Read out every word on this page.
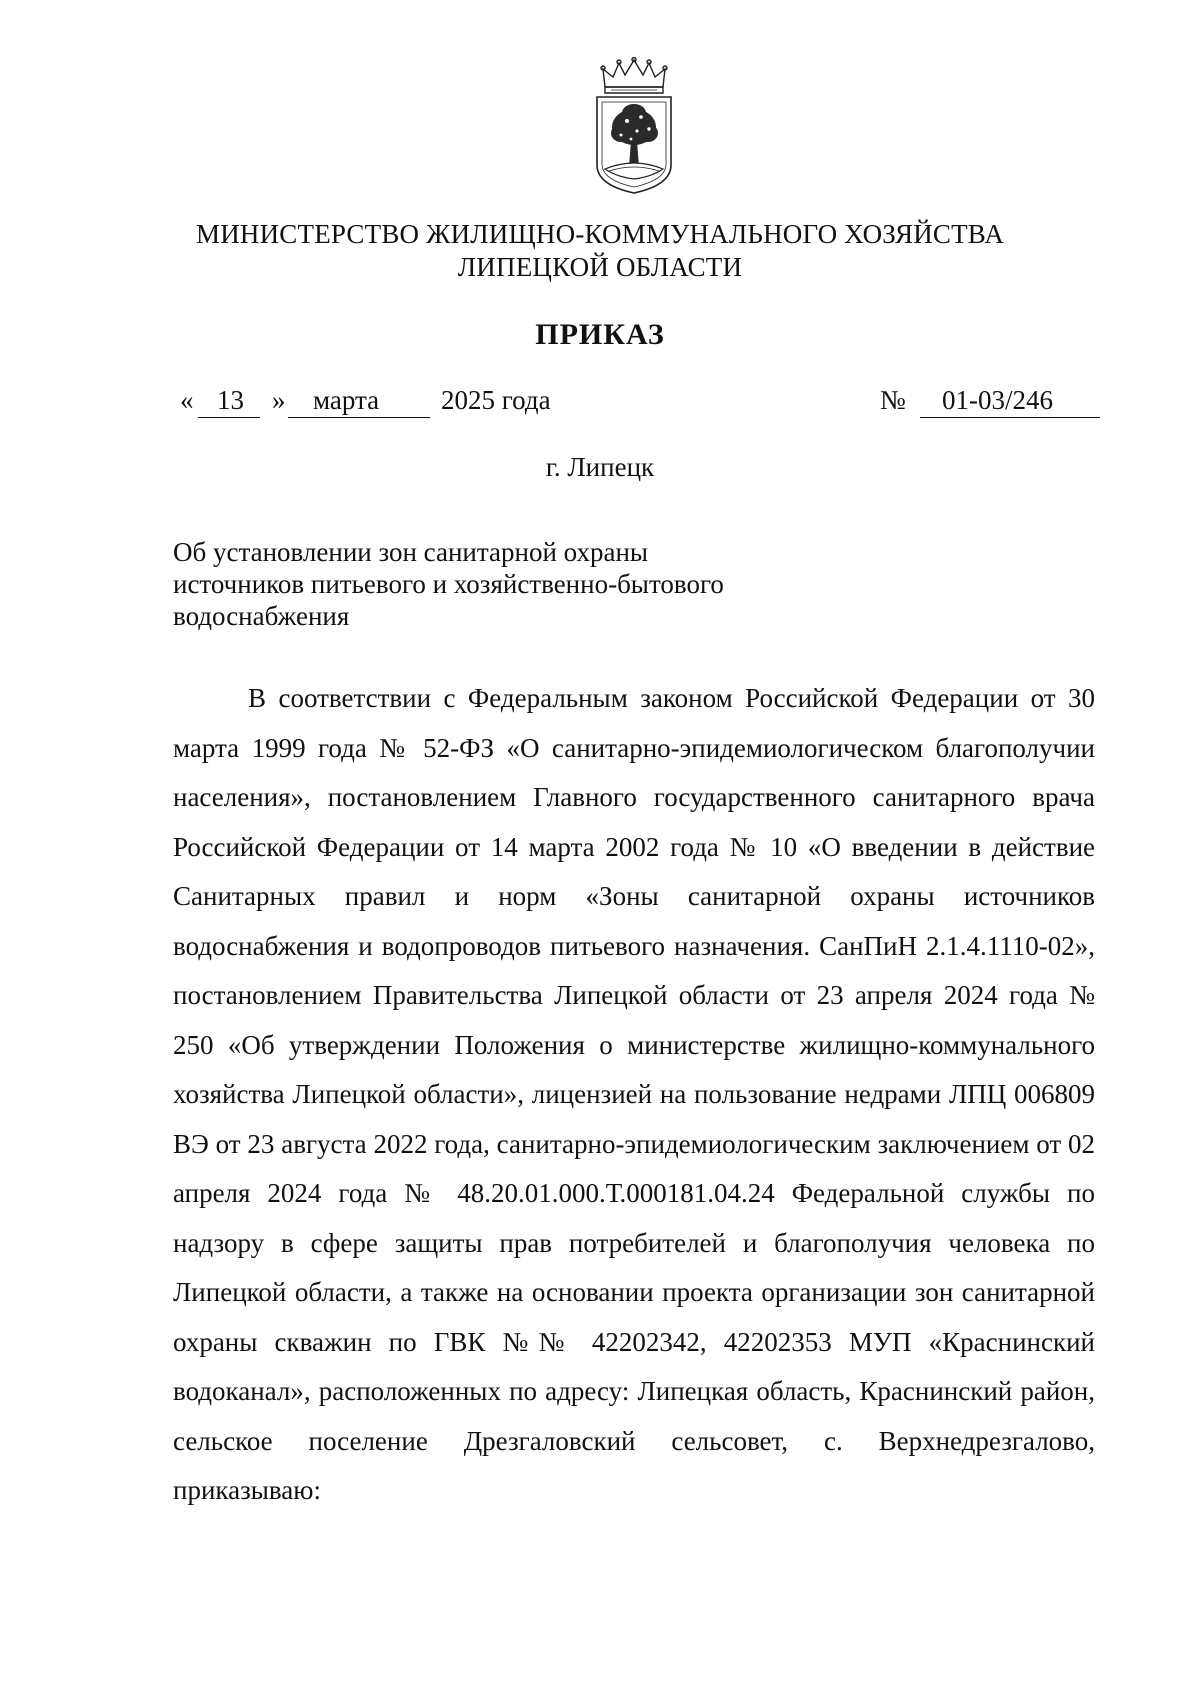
МИНИСТЕРСТВО ЖИЛИЩНО-КОММУНАЛЬНОГО ХОЗЯЙСТВА
ЛИПЕЦКОЙ ОБЛАСТИ
ПРИКАЗ
« 13 » марта 2025 года	№ 01-03/246
г. Липецк
Об установлении зон санитарной охраны
источников питьевого и хозяйственно-бытового
водоснабжения
В соответствии с Федеральным законом Российской Федерации от 30 марта 1999 года № 52-ФЗ «О санитарно-эпидемиологическом благополучии населения», постановлением Главного государственного санитарного врача Российской Федерации от 14 марта 2002 года № 10 «О введении в действие Санитарных правил и норм «Зоны санитарной охраны источников водоснабжения и водопроводов питьевого назначения. СанПиН 2.1.4.1110-02», постановлением Правительства Липецкой области от 23 апреля 2024 года № 250 «Об утверждении Положения о министерстве жилищно-коммунального хозяйства Липецкой области», лицензией на пользование недрами ЛПЦ 006809 ВЭ от 23 августа 2022 года, санитарно-эпидемиологическим заключением от 02 апреля 2024 года № 48.20.01.000.Т.000181.04.24 Федеральной службы по надзору в сфере защиты прав потребителей и благополучия человека по Липецкой области, а также на основании проекта организации зон санитарной охраны скважин по ГВК №№ 42202342, 42202353 МУП «Краснинский водоканал», расположенных по адресу: Липецкая область, Краснинский район, сельское поселение Дрезгаловский сельсовет, с. Верхнедрезгалово, приказываю:
